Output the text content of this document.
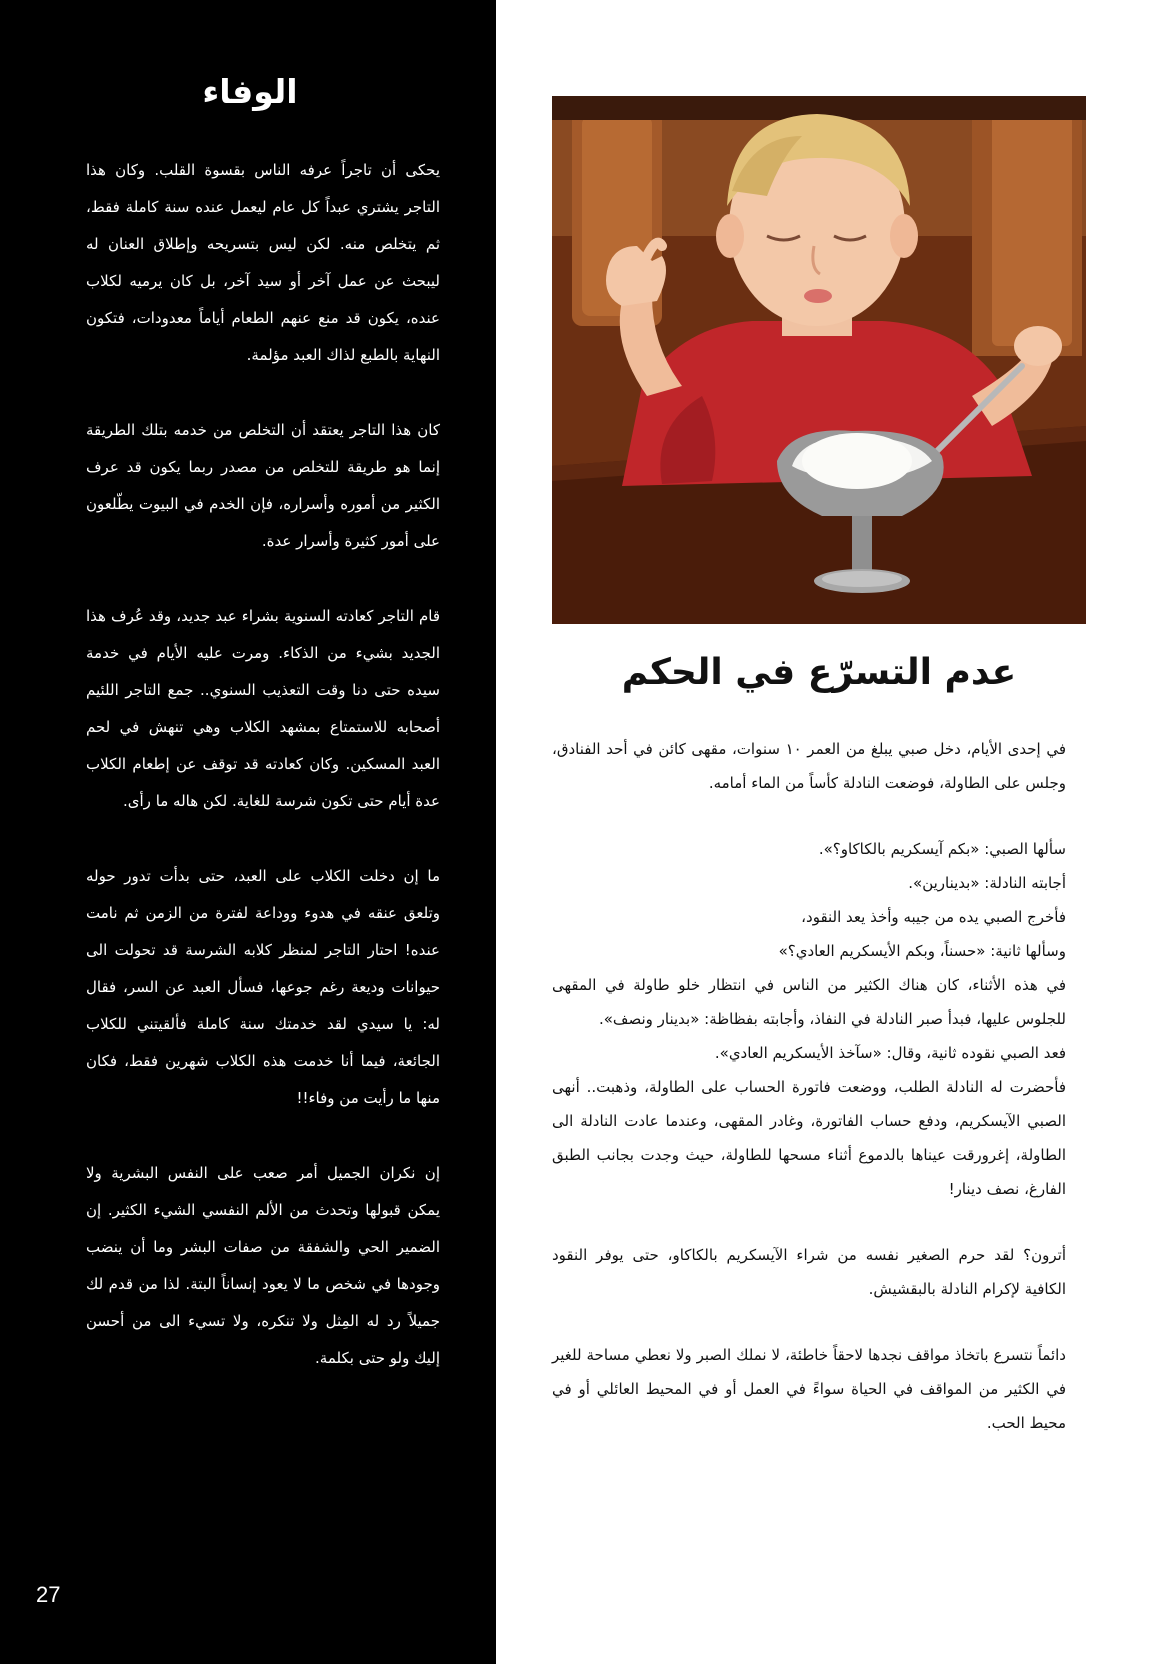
الوفاء

يحكى أن تاجراً عرفه الناس بقسوة القلب. وكان هذا التاجر يشتري عبداً كل عام ليعمل عنده سنة كاملة فقط، ثم يتخلص منه. لكن ليس بتسريحه وإطلاق العنان له ليبحث عن عمل آخر أو سيد آخر، بل كان يرميه لكلاب عنده، يكون قد منع عنهم الطعام أياماً معدودات، فتكون النهاية بالطبع لذاك العبد مؤلمة.

كان هذا التاجر يعتقد أن التخلص من خدمه بتلك الطريقة إنما هو طريقة للتخلص من مصدر ربما يكون قد عرف الكثير من أموره وأسراره، فإن الخدم في البيوت يطّلعون على أمور كثيرة وأسرار عدة.

قام التاجر كعادته السنوية بشراء عبد جديد، وقد عُرف هذا الجديد بشيء من الذكاء. ومرت عليه الأيام في خدمة سيده حتى دنا وقت التعذيب السنوي.. جمع التاجر اللئيم أصحابه للاستمتاع بمشهد الكلاب وهي تنهش في لحم العبد المسكين. وكان كعادته قد توقف عن إطعام الكلاب عدة أيام حتى تكون شرسة للغاية. لكن هاله ما رأى.

ما إن دخلت الكلاب على العبد، حتى بدأت تدور حوله وتلعق عنقه في هدوء ووداعة لفترة من الزمن ثم نامت عنده! احتار التاجر لمنظر كلابه الشرسة قد تحولت الى حيوانات وديعة رغم جوعها، فسأل العبد عن السر، فقال له: يا سيدي لقد خدمتك سنة كاملة فألقيتني للكلاب الجائعة، فيما أنا خدمت هذه الكلاب شهرين فقط، فكان منها ما رأيت من وفاء!!

إن نكران الجميل أمر صعب على النفس البشرية ولا يمكن قبولها وتحدث من الألم النفسي الشيء الكثير. إن الضمير الحي والشفقة من صفات البشر وما أن ينضب وجودها في شخص ما لا يعود إنساناً البتة. لذا من قدم لك جميلاً رد له المِثل ولا تنكره، ولا تسيء الى من أحسن إليك ولو حتى بكلمة.

27
عدم التسرّع في الحكم

في إحدى الأيام، دخل صبي يبلغ من العمر ١٠ سنوات، مقهى كائن في أحد الفنادق، وجلس على الطاولة، فوضعت النادلة كأساً من الماء أمامه.

سألها الصبي: «بكم آيسكريم بالكاكاو؟».
أجابته النادلة: «بدينارين».
فأخرج الصبي يده من جيبه وأخذ يعد النقود،
وسألها ثانية: «حسناً، وبكم الأيسكريم العادي؟»
في هذه الأثناء، كان هناك الكثير من الناس في انتظار خلو طاولة في المقهى للجلوس عليها، فبدأ صبر النادلة في النفاذ، وأجابته بفظاظة: «بدينار ونصف».
فعد الصبي نقوده ثانية، وقال: «سآخذ الأيسكريم العادي».
فأحضرت له النادلة الطلب، ووضعت فاتورة الحساب على الطاولة، وذهبت.. أنهى الصبي الآيسكريم، ودفع حساب الفاتورة، وغادر المقهى، وعندما عادت النادلة الى الطاولة، إغرورقت عيناها بالدموع أثناء مسحها للطاولة، حيث وجدت بجانب الطبق الفارغ، نصف دينار!

أترون؟ لقد حرم الصغير نفسه من شراء الآيسكريم بالكاكاو، حتى يوفر النقود الكافية لإكرام النادلة بالبقشيش.

دائماً نتسرع باتخاذ مواقف نجدها لاحقاً خاطئة، لا نملك الصبر ولا نعطي مساحة للغير في الكثير من المواقف في الحياة سواءً في العمل أو في المحيط العائلي أو في محيط الحب.
